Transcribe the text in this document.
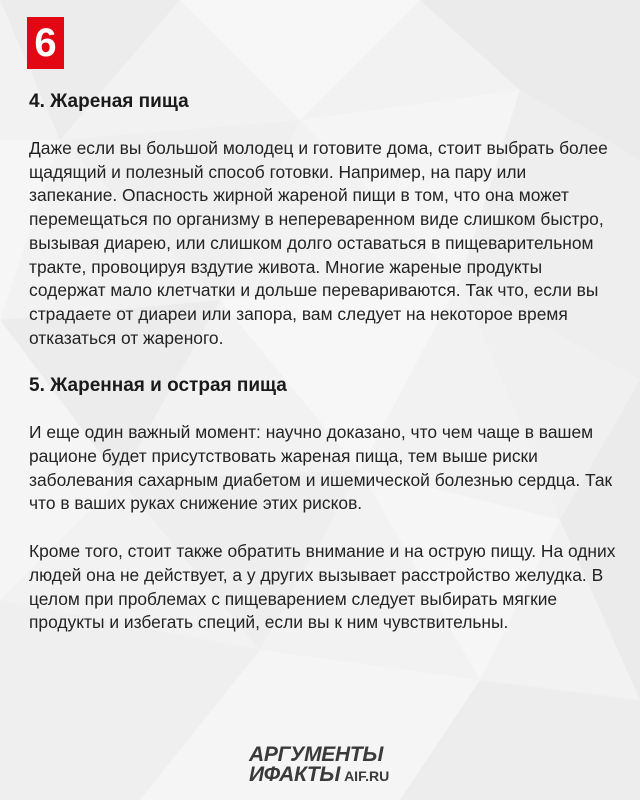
6
4. Жареная пища

Даже если вы большой молодец и готовите дома, стоит выбрать более щадящий и полезный способ готовки. Например, на пару или запекание. Опасность жирной жареной пищи в том, что она может перемещаться по организму в непереваренном виде слишком быстро, вызывая диарею, или слишком долго оставаться в пищеварительном тракте, провоцируя вздутие живота. Многие жареные продукты содержат мало клетчатки и дольше перевариваются. Так что, если вы страдаете от диареи или запора, вам следует на некоторое время отказаться от жареного.

5. Жаренная и острая пища

И еще один важный момент: научно доказано, что чем чаще в вашем рационе будет присутствовать жареная пища, тем выше риски заболевания сахарным диабетом и ишемической болезнью сердца. Так что в ваших руках снижение этих рисков.

Кроме того, стоит также обратить внимание и на острую пищу. На одних людей она не действует, а у других вызывает расстройство желудка. В целом при проблемах с пищеварением следует выбирать мягкие продукты и избегать специй, если вы к ним чувствительны.

АРГУМЕНТЫ
ИФАКТЫ AIF.RU
